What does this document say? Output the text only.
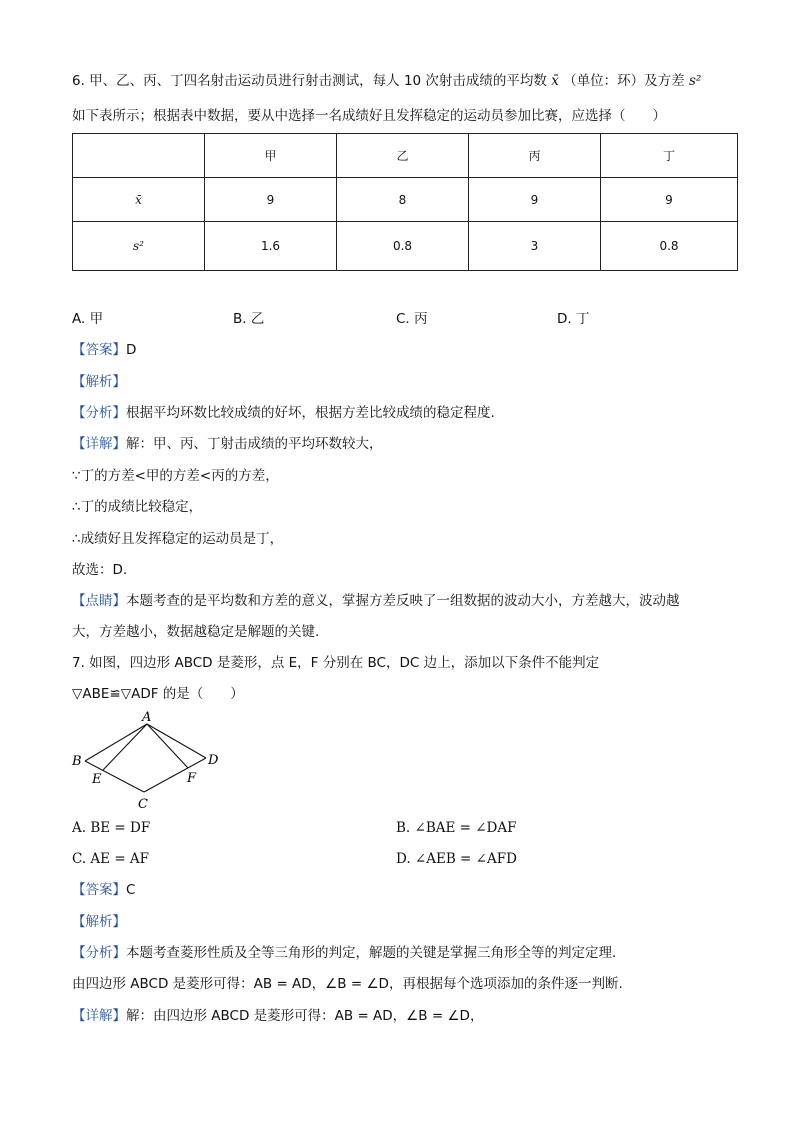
6. 甲、乙、丙、丁四名射击运动员进行射击测试，每人 10 次射击成绩的平均数 x̄ （单位：环）及方差 s²
如下表所示；根据表中数据，要从中选择一名成绩好且发挥稳定的运动员参加比赛，应选择（　　）
	甲	乙	丙	丁
x̄	9	8	9	9
s²	1.6	0.8	3	0.8
A. 甲	B. 乙	C. 丙	D. 丁
【答案】D
【解析】
【分析】根据平均环数比较成绩的好坏，根据方差比较成绩的稳定程度.
【详解】解：甲、丙、丁射击成绩的平均环数较大，
∵丁的方差<甲的方差<丙的方差，
∴丁的成绩比较稳定，
∴成绩好且发挥稳定的运动员是丁，
故选：D.
【点睛】本题考查的是平均数和方差的意义，掌握方差反映了一组数据的波动大小，方差越大，波动越
大，方差越小，数据越稳定是解题的关键.
7. 如图，四边形 ABCD 是菱形，点 E，F 分别在 BC，DC 边上，添加以下条件不能判定
▽ABE≌▽ADF 的是（　　）
A
B
C
D
E	F
A. BE = DF	B. ∠BAE = ∠DAF
C. AE = AF	D. ∠AEB = ∠AFD
【答案】C
【解析】
【分析】本题考查菱形性质及全等三角形的判定，解题的关键是掌握三角形全等的判定定理.
由四边形 ABCD 是菱形可得：AB = AD，∠B = ∠D，再根据每个选项添加的条件逐一判断.
【详解】解：由四边形 ABCD 是菱形可得：AB = AD，∠B = ∠D，
